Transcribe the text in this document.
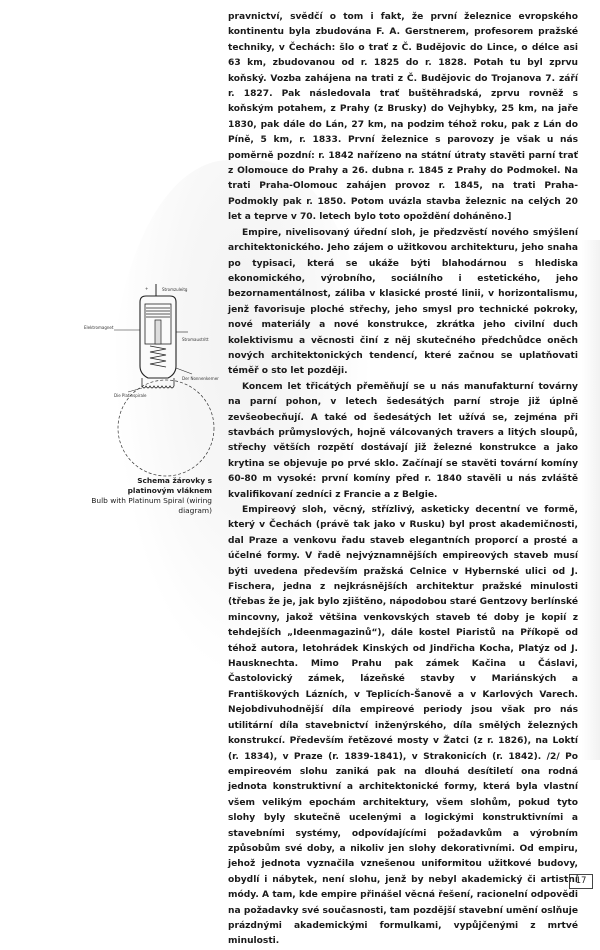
pravnictví, svědčí o tom i fakt, že první železnice evropského kontinentu byla zbudována F. A. Gerstnerem, profesorem pražské techniky, v Čechách: šlo o trať z Č. Budějovic do Lince, o délce asi 63 km, zbudovanou od r. 1825 do r. 1828. Potah tu byl zprvu koňský. Vozba zahájena na trati z Č. Budějovic do Trojanova 7. září r. 1827. Pak následovala trať buštěhradská, zprvu rovněž s koňským potahem, z Prahy (z Brusky) do Vejhybky, 25 km, na jaře 1830, pak dále do Lán, 27 km, na podzim téhož roku, pak z Lán do Píně, 5 km, r. 1833. První železnice s parovozy je však u nás poměrně pozdní: r. 1842 nařízeno na státní útraty stavěti parní trať z Olomouce do Prahy a 26. dubna r. 1845 z Prahy do Podmokel. Na trati Praha-Olomouc zahájen provoz r. 1845, na trati Praha-Podmokly pak r. 1850. Potom uvázla stavba železnic na celých 20 let a teprve v 70. letech bylo toto opoždění doháněno.]

Empire, nivelisovaný úřední sloh, je předzvěstí nového smýšlení architektonického. Jeho zájem o užitkovou architekturu, jeho snaha po typisaci, která se ukáže býti blahodárnou s hlediska ekonomického, výrobního, sociálního i estetického, jeho bezornamentálnost, záliba v klasické prosté linii, v horizontalismu, jenž favorisuje ploché střechy, jeho smysl pro technické pokroky, nové materiály a nové konstrukce, zkrátka jeho civilní duch kolektivismu a věcnosti činí z něj skutečného předchůdce oněch nových architektonických tendencí, které začnou se uplatňovati téměř o sto let později.

Koncem let třicátých přeměňují se u nás manufakturní továrny na parní pohon, v letech šedesátých parní stroje již úplně zevšeobecňují. A také od šedesátých let užívá se, zejména při stavbách průmyslových, hojně válcovaných travers a litých sloupů, střechy větších rozpětí dostávají již železné konstrukce a jako krytina se objevuje po prvé sklo. Začínají se stavěti tovární komíny 60-80 m vysoké: první komíny před r. 1840 stavěli u nás zvláště kvalifikovaní zedníci z Francie a z Belgie.

Empireový sloh, věcný, střízlivý, asketicky decentní ve formě, který v Čechách (právě tak jako v Rusku) byl prost akademičnosti, dal Praze a venkovu řadu staveb elegantních proporcí a prosté a účelné formy. V řadě nejvýznamnějších empireových staveb musí býti uvedena především pražská Celnice v Hybernské ulici od J. Fischera, jedna z nejkrásnějších architektur pražské minulosti (třebas že je, jak bylo zjištěno, nápodobou staré Gentzovy berlínské mincovny, jakož většina venkovských staveb té doby je kopií z tehdejších „Ideenmagazinů“), dále kostel Piaristů na Příkopě od téhož autora, letohrádek Kinských od Jindřicha Kocha, Platýz od J. Hausknechta. Mimo Prahu pak zámek Kačina u Čáslavi, Častolovický zámek, lázeňské stavby v Mariánských a Františkových Lázních, v Teplicích-Šanově a v Karlových Varech. Nejobdivuhodnější díla empireové periody jsou však pro nás utilitární díla stavebnictví inženýrského, díla smělých železných konstrukcí. Především řetězové mosty v Žatci (z r. 1826), na Loktí (r. 1834), v Praze (r. 1839-1841), v Strakonicích (r. 1842). /2/ Po empireovém slohu zaniká pak na dlouhá desítiletí ona rodná jednota konstruktivní a architektonické formy, která byla vlastní všem velikým epochám architektury, všem slohům, pokud tyto slohy byly skutečně ucelenými a logickými konstruktivními a stavebními systémy, odpovídajícími požadavkům a výrobním způsobům své doby, a nikoliv jen slohy dekorativními. Od empiru, jehož jednota vyznačila vznešenou uniformitou užitkové budovy, obydlí i nábytek, není slohu, jenž by nebyl akademický či artistní módy. A tam, kde empire přinášel věcná řešení, racionelní odpovědi na požadavky své současnosti, tam pozdější stavební umění oslňuje prázdnými akademickými formulkami, vypůjčenými z mrtvé minulosti.

+	Stromzuleitg
Elektromagnet
Stromaustritt
Der Nonnenkerner
Die Platinspirale
Schema žárovky s platinovým vláknem
Bulb with Platinum Spiral (wiring diagram)
17
